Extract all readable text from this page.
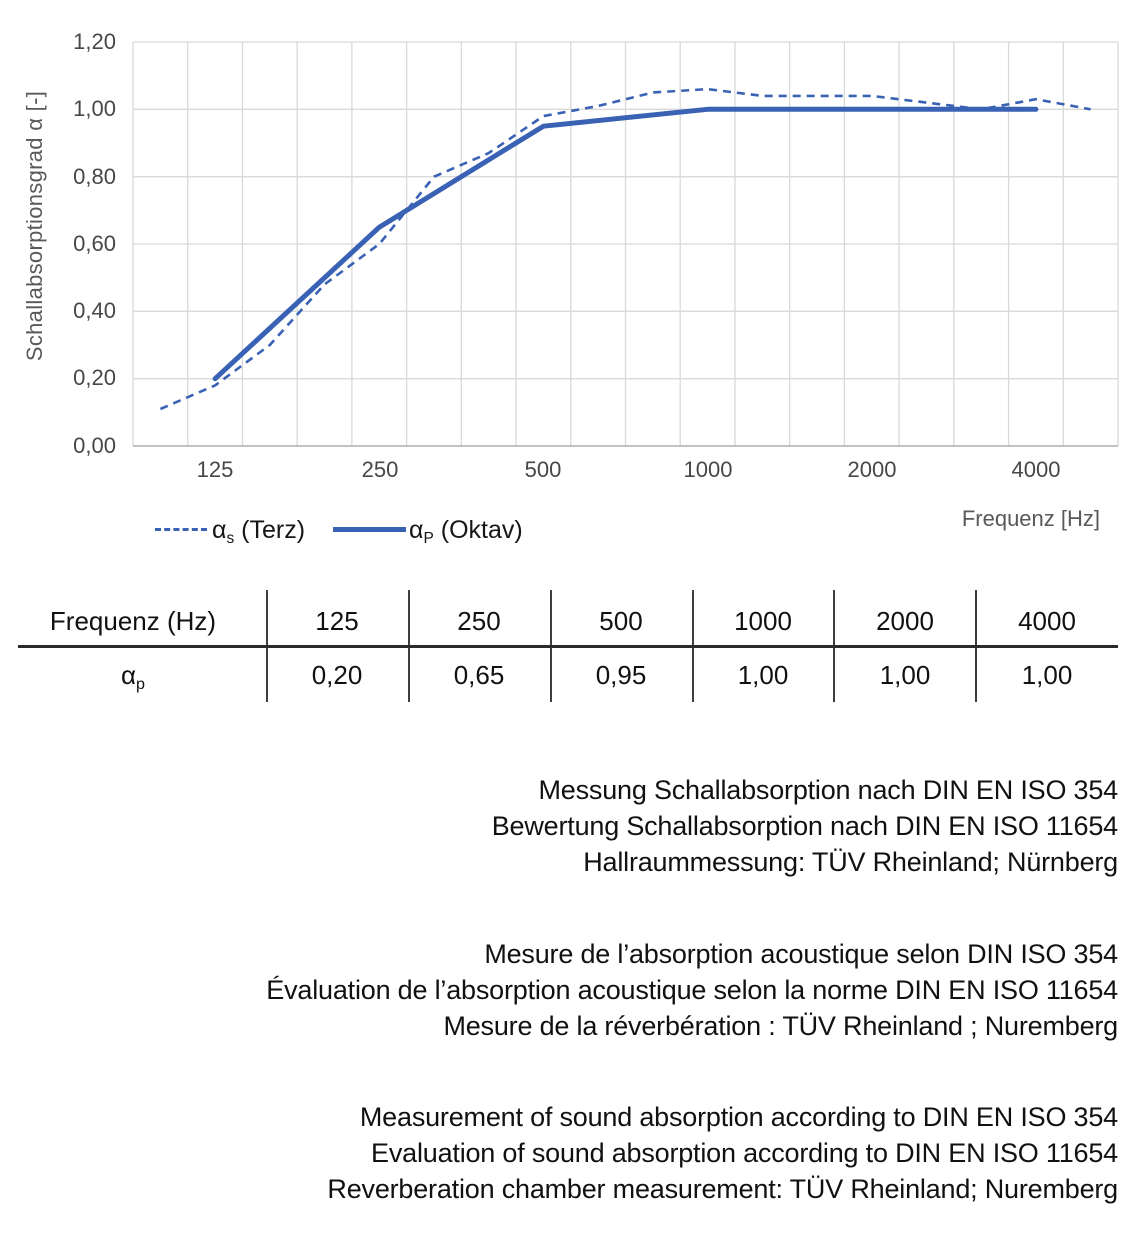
Schallabsorptionsgrad α [-]
1,20
1,00
0,80
0,60
0,40
0,20
0,00
125	250	500	1000	2000	4000
$\alpha_s$ (Terz)	$\alpha_P$ (Oktav)	Frequenz [Hz]
Frequenz (Hz)	125	250	500	1000	2000	4000
$\alpha_p$	0,20	0,65	0,95	1,00	1,00	1,00
Messung Schallabsorption nach DIN EN ISO 354
Bewertung Schallabsorption nach DIN EN ISO 11654
Hallraummessung: TÜV Rheinland; Nürnberg
Mesure de l’absorption acoustique selon DIN ISO 354
Évaluation de l’absorption acoustique selon la norme DIN EN ISO 11654
Mesure de la réverbération : TÜV Rheinland ; Nuremberg
Measurement of sound absorption according to DIN EN ISO 354
Evaluation of sound absorption according to DIN EN ISO 11654
Reverberation chamber measurement: TÜV Rheinland; Nuremberg
